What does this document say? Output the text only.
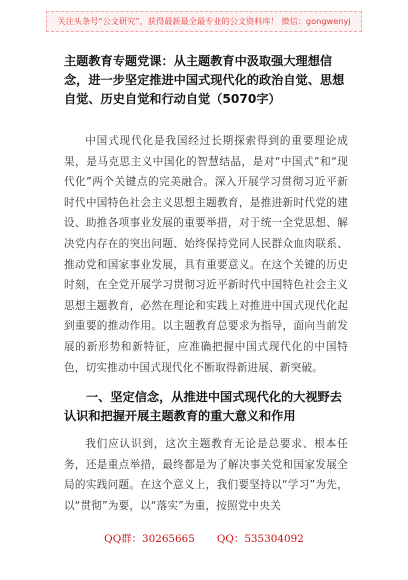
关注头条号“公文研究”，获得最新最全最专业的公文资料库！ 微信：gongwenyj

主题教育专题党课：从主题教育中汲取强大理想信念，进一步坚定推进中国式现代化的政治自觉、思想自觉、历史自觉和行动自觉（5070字）

中国式现代化是我国经过长期探索得到的重要理论成果，是马克思主义中国化的智慧结晶，是对“中国式”和“现代化”两个关键点的完美融合。深入开展学习贯彻习近平新时代中国特色社会主义思想主题教育，是推进新时代党的建设、助推各项事业发展的重要举措，对于统一全党思想、解决党内存在的突出问题、始终保持党同人民群众血肉联系、推动党和国家事业发展，具有重要意义。在这个关键的历史时刻，在全党开展学习贯彻习近平新时代中国特色社会主义思想主题教育，必然在理论和实践上对推进中国式现代化起到重要的推动作用。以主题教育总要求为指导，面向当前发展的新形势和新特征，应准确把握中国式现代化的中国特色，切实推动中国式现代化不断取得新进展、新突破。

一、坚定信念，从推进中国式现代化的大视野去认识和把握开展主题教育的重大意义和作用

我们应认识到，这次主题教育无论是总要求、根本任务，还是重点举措，最终都是为了解决事关党和国家发展全局的实践问题。在这个意义上，我们要坚持以“学习”为先，以“贯彻”为要，以“落实”为重，按照党中央关

QQ群：30265665 QQ：535304092
